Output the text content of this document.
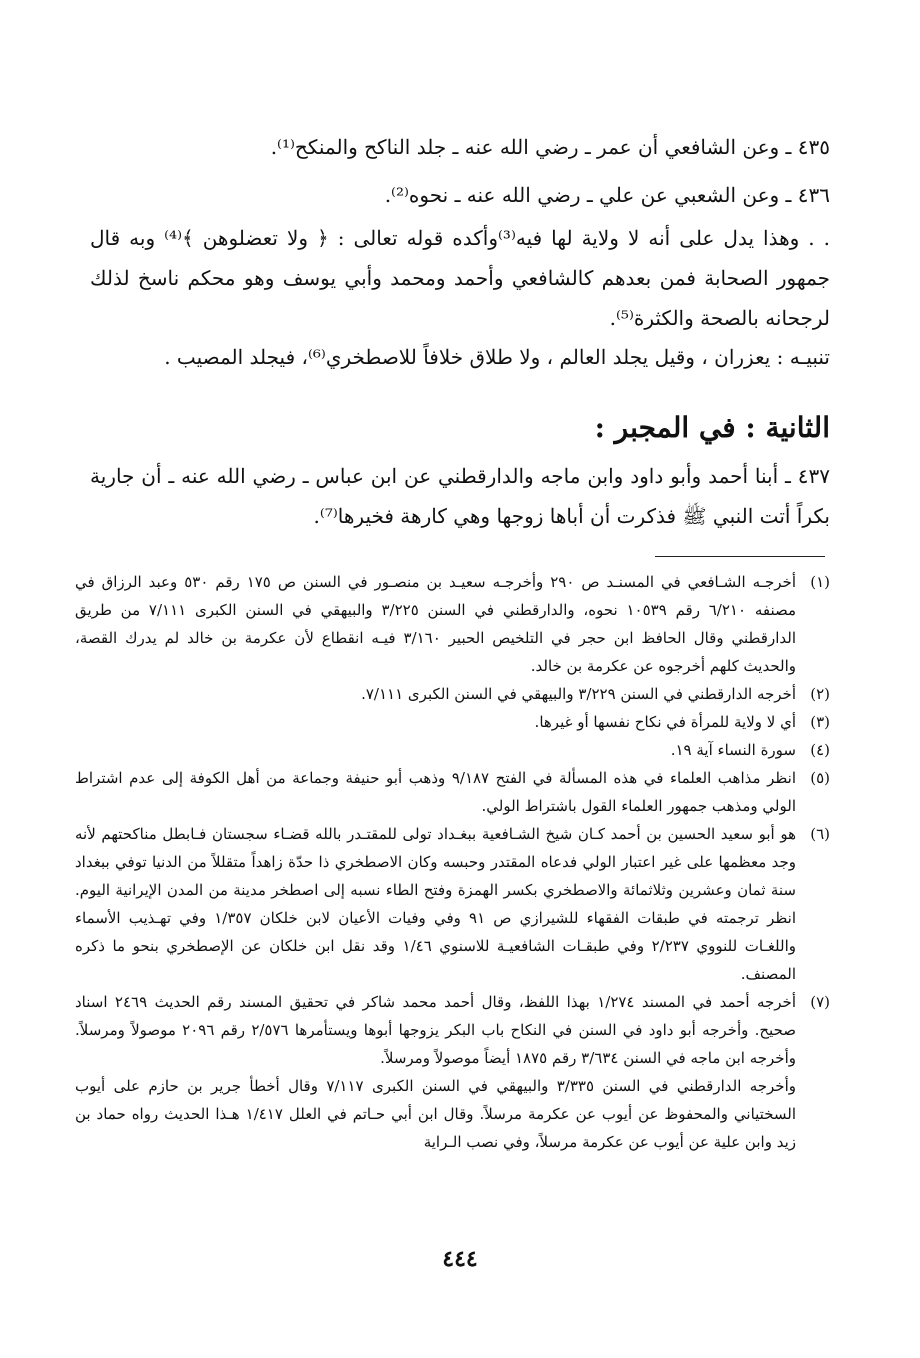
٤٣٥ ـ وعن الشافعي أن عمر ـ رضي الله عنه ـ جلد الناكح والمنكح⁽¹⁾.
٤٣٦ ـ وعن الشعبي عن علي ـ رضي الله عنه ـ نحوه⁽²⁾.
. . وهذا يدل على أنه لا ولاية لها فيه⁽³⁾وأكده قوله تعالى : ﴿ ولا تعضلوهن ﴾⁽⁴⁾ وبه قال جمهور الصحابة فمن بعدهم كالشافعي وأحمد ومحمد وأبي يوسف وهو محكم ناسخ لذلك لرجحانه بالصحة والكثرة⁽⁵⁾.
تنبيـه : يعزران ، وقيل يجلد العالم ، ولا طلاق خلافاً للاصطخري⁽⁶⁾، فيجلد المصيب .
الثانية : في المجبر :
٤٣٧ ـ أبنا أحمد وأبو داود وابن ماجه والدارقطني عن ابن عباس ـ رضي الله عنه ـ أن جارية بكراً أتت النبي ﷺ فذكرت أن أباها زوجها وهي كارهة فخيرها⁽⁷⁾.
(١)
أخرجـه الشـافعي في المسنـد ص ٢٩٠ وأخرجـه سعيـد بن منصـور في السنن ص ١٧٥ رقم ٥٣٠ وعبد الرزاق في مصنفه ٦/٢١٠ رقم ١٠٥٣٩ نحوه، والدارقطني في السنن ٣/٢٢٥ والبيهقي في السنن الكبرى ٧/١١١ من طريق الدارقطني وقال الحافظ ابن حجر في التلخيص الحبير ٣/١٦٠ فيـه انقطاع لأن عكرمة بن خالد لم يدرك القصة، والحديث كلهم أخرجوه عن عكرمة بن خالد.
(٢)
أخرجه الدارقطني في السنن ٣/٢٢٩ والبيهقي في السنن الكبرى ٧/١١١.
(٣)
أي لا ولاية للمرأة في نكاح نفسها أو غيرها.
(٤)
سورة النساء آية ١٩.
(٥)
انظر مذاهب العلماء في هذه المسألة في الفتح ٩/١٨٧ وذهب أبو حنيفة وجماعة من أهل الكوفة إلى عدم اشتراط الولي ومذهب جمهور العلماء القول باشتراط الولي.
(٦)
هو أبو سعيد الحسين بن أحمد كـان شيخ الشـافعية ببغـداد تولى للمقتـدر بالله قضـاء سجستان فـابطل مناكحتهم لأنه وجد معظمها على غير اعتبار الولي فدعاه المقتدر وحبسه وكان الاصطخري ذا حدّة زاهداً متقللاً من الدنيا توفي ببغداد سنة ثمان وعشرين وثلاثمائة والاصطخري بكسر الهمزة وفتح الطاء نسبه إلى اصطخر مدينة من المدن الإيرانية اليوم. انظر ترجمته في طبقات الفقهاء للشيرازي ص ٩١ وفي وفيات الأعيان لابن خلكان ١/٣٥٧ وفي تهـذيب الأسماء واللغـات للنووي ٢/٢٣٧ وفي طبقـات الشافعيـة للاسنوي ١/٤٦ وقد نقل ابن خلكان عن الإصطخري بنحو ما ذكره المصنف.
(٧)
أخرجه أحمد في المسند ١/٢٧٤ بهذا اللفظ، وقال أحمد محمد شاكر في تحقيق المسند رقم الحديث ٢٤٦٩ اسناد صحيح. وأخرجه أبو داود في السنن في النكاح باب البكر يزوجها أبوها ويستأمرها ٢/٥٧٦ رقم ٢٠٩٦ موصولاً ومرسلاً. وأخرجه ابن ماجه في السنن ٣/٦٣٤ رقم ١٨٧٥ أيضاً موصولاً ومرسلاً.
وأخرجه الدارقطني في السنن ٣/٣٣٥ والبيهقي في السنن الكبرى ٧/١١٧ وقال أخطأ جرير بن حازم على أيوب السختياني والمحفوظ عن أيوب عن عكرمة مرسلاً. وقال ابن أبي حـاتم في العلل ١/٤١٧ هـذا الحديث رواه حماد بن زيد وابن علية عن أيوب عن عكرمة مرسلاً، وفي نصب الـراية
٤٤٤
